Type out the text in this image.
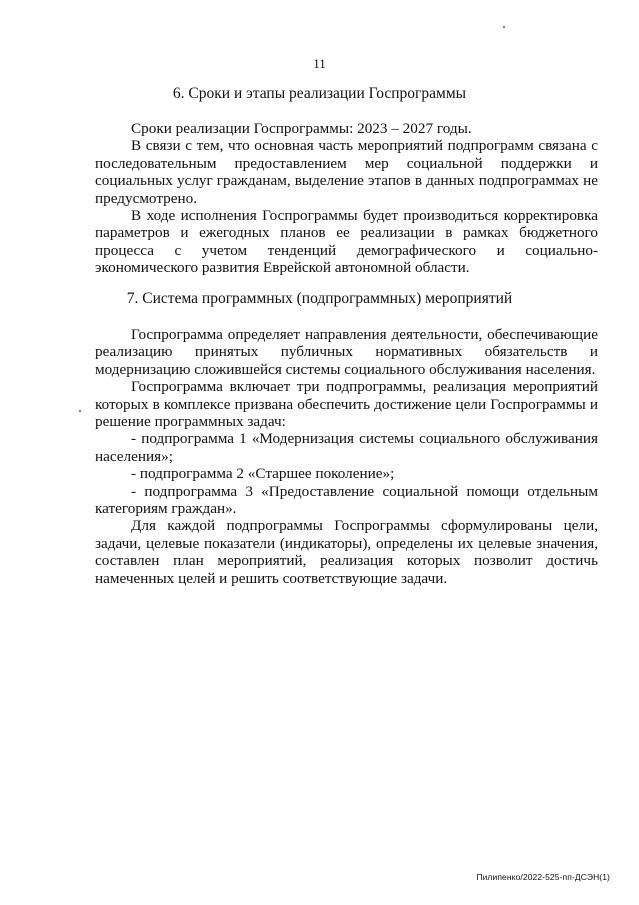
11
6. Сроки и этапы реализации Госпрограммы

Сроки реализации Госпрограммы: 2023 – 2027 годы.

В связи с тем, что основная часть мероприятий подпрограмм связана с последовательным предоставлением мер социальной поддержки и социальных услуг гражданам, выделение этапов в данных подпрограммах не предусмотрено.

В ходе исполнения Госпрограммы будет производиться корректировка параметров и ежегодных планов ее реализации в рамках бюджетного процесса с учетом тенденций демографического и социально-экономического развития Еврейской автономной области.

7. Система программных (подпрограммных) мероприятий

Госпрограмма определяет направления деятельности, обеспечивающие реализацию принятых публичных нормативных обязательств и модернизацию сложившейся системы социального обслуживания населения.

Госпрограмма включает три подпрограммы, реализация мероприятий которых в комплексе призвана обеспечить достижение цели Госпрограммы и решение программных задач:

- подпрограмма 1 «Модернизация системы социального обслуживания населения»;

- подпрограмма 2 «Старшее поколение»;

- подпрограмма 3 «Предоставление социальной помощи отдельным категориям граждан».

Для каждой подпрограммы Госпрограммы сформулированы цели, задачи, целевые показатели (индикаторы), определены их целевые значения, составлен план мероприятий, реализация которых позволит достичь намеченных целей и решить соответствующие задачи.

Пилипенко/2022-525-пп-ДСЭН(1)
